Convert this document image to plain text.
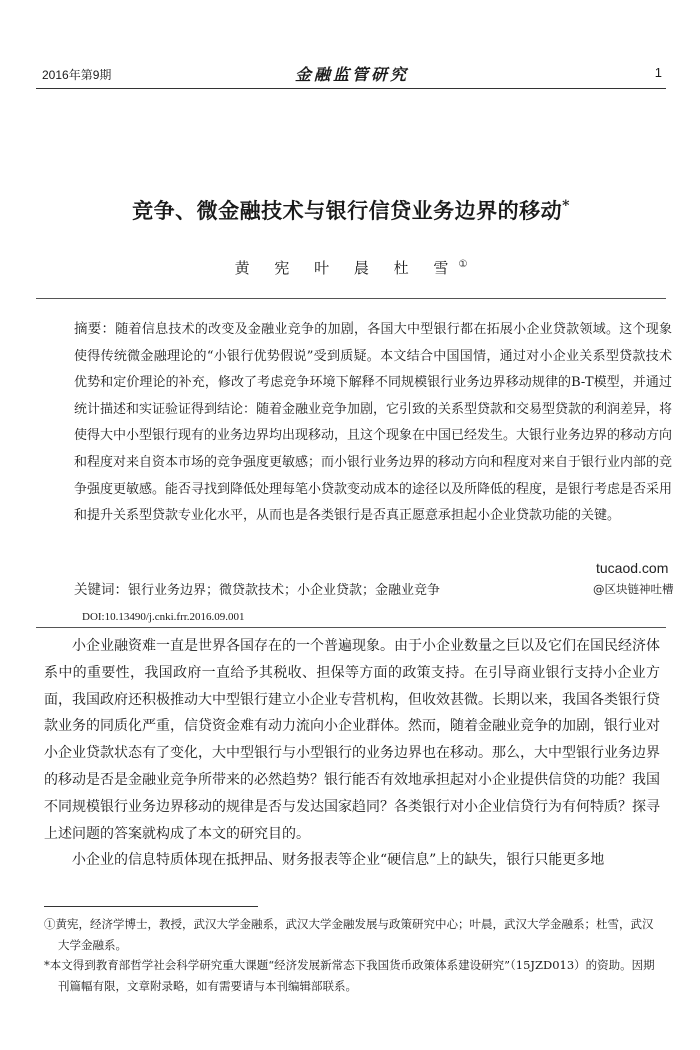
2016年第9期	金融监管研究	1
竞争、微金融技术与银行信贷业务边界的移动*
黄 宪 叶 晨 杜 雪①
摘要：随着信息技术的改变及金融业竞争的加剧，各国大中型银行都在拓展小企业贷款领域。这个现象使得传统微金融理论的“小银行优势假说”受到质疑。本文结合中国国情，通过对小企业关系型贷款技术优势和定价理论的补充，修改了考虑竞争环境下解释不同规模银行业务边界移动规律的B-T模型，并通过统计描述和实证验证得到结论：随着金融业竞争加剧，它引致的关系型贷款和交易型贷款的利润差异，将使得大中小型银行现有的业务边界均出现移动，且这个现象在中国已经发生。大银行业务边界的移动方向和程度对来自资本市场的竞争强度更敏感；而小银行业务边界的移动方向和程度对来自于银行业内部的竞争强度更敏感。能否寻找到降低处理每笔小贷款变动成本的途径以及所降低的程度，是银行考虑是否采用和提升关系型贷款专业化水平，从而也是各类银行是否真正愿意承担起小企业贷款功能的关键。
关键词：银行业务边界；微贷款技术；小企业贷款；金融业竞争
tucaod.com
@区块链神吐槽
DOI:10.13490/j.cnki.frr.2016.09.001

小企业融资难一直是世界各国存在的一个普遍现象。由于小企业数量之巨以及它们在国民经济体系中的重要性，我国政府一直给予其税收、担保等方面的政策支持。在引导商业银行支持小企业方面，我国政府还积极推动大中型银行建立小企业专营机构，但收效甚微。长期以来，我国各类银行贷款业务的同质化严重，信贷资金难有动力流向小企业群体。然而，随着金融业竞争的加剧，银行业对小企业贷款状态有了变化，大中型银行与小型银行的业务边界也在移动。那么，大中型银行业务边界的移动是否是金融业竞争所带来的必然趋势？银行能否有效地承担起对小企业提供信贷的功能？我国不同规模银行业务边界移动的规律是否与发达国家趋同？各类银行对小企业信贷行为有何特质？探寻上述问题的答案就构成了本文的研究目的。

小企业的信息特质体现在抵押品、财务报表等企业“硬信息”上的缺失，银行只能更多地

①黄宪，经济学博士，教授，武汉大学金融系，武汉大学金融发展与政策研究中心；叶晨，武汉大学金融系；杜雪，武汉大学金融系。

*本文得到教育部哲学社会科学研究重大课题“经济发展新常态下我国货币政策体系建设研究”（15JZD013）的资助。因期刊篇幅有限，文章附录略，如有需要请与本刊编辑部联系。
